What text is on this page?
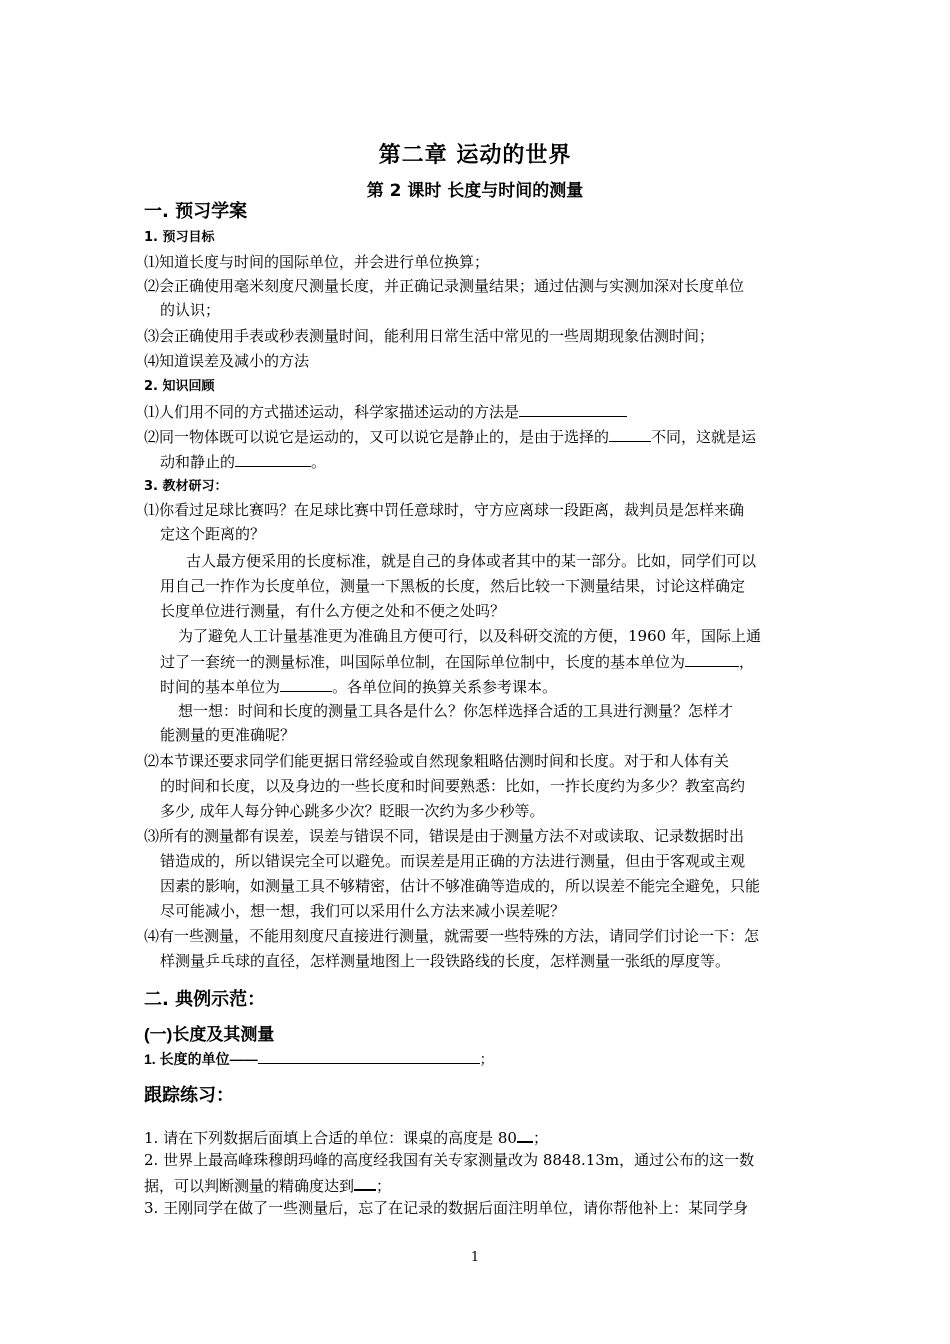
第二章 运动的世界
第 2 课时 长度与时间的测量
一. 预习学案
1. 预习目标
⑴知道长度与时间的国际单位，并会进行单位换算；
⑵会正确使用毫米刻度尺测量长度，并正确记录测量结果；通过估测与实测加深对长度单位
的认识；
⑶会正确使用手表或秒表测量时间，能利用日常生活中常见的一些周期现象估测时间；
⑷知道误差及减小的方法
2. 知识回顾
⑴人们用不同的方式描述运动，科学家描述运动的方法是
⑵同一物体既可以说它是运动的，又可以说它是静止的，是由于选择的	不同，这就是运
动和静止的	。
3. 教材研习：
⑴你看过足球比赛吗？在足球比赛中罚任意球时，守方应离球一段距离，裁判员是怎样来确
定这个距离的？
古人最方便采用的长度标准，就是自己的身体或者其中的某一部分。比如，同学们可以
用自己一拃作为长度单位，测量一下黑板的长度，然后比较一下测量结果，讨论这样确定
长度单位进行测量，有什么方便之处和不便之处吗？
为了避免人工计量基准更为准确且方便可行，以及科研交流的方便，1960 年，国际上通
过了一套统一的测量标准，叫国际单位制，在国际单位制中，长度的基本单位为	，
时间的基本单位为	。各单位间的换算关系参考课本。
想一想：时间和长度的测量工具各是什么？你怎样选择合适的工具进行测量？怎样才
能测量的更准确呢？
⑵本节课还要求同学们能更据日常经验或自然现象粗略估测时间和长度。对于和人体有关
的时间和长度，以及身边的一些长度和时间要熟悉：比如，一拃长度约为多少？教室高约
多少, 成年人每分钟心跳多少次？眨眼一次约为多少秒等。
⑶所有的测量都有误差，误差与错误不同，错误是由于测量方法不对或读取、记录数据时出
错造成的，所以错误完全可以避免。而误差是用正确的方法进行测量，但由于客观或主观
因素的影响，如测量工具不够精密，估计不够准确等造成的，所以误差不能完全避免，只能
尽可能减小，想一想，我们可以采用什么方法来减小误差呢？
⑷有一些测量，不能用刻度尺直接进行测量，就需要一些特殊的方法，请同学们讨论一下：怎
样测量乒乓球的直径，怎样测量地图上一段铁路线的长度，怎样测量一张纸的厚度等。
二. 典例示范：
(一)长度及其测量
1. 长度的单位——	；
跟踪练习：
1. 请在下列数据后面填上合适的单位：课桌的高度是 80 ；
2. 世界上最高峰珠穆朗玛峰的高度经我国有关专家测量改为 8848.13m，通过公布的这一数
据，可以判断测量的精确度达到 ；
3. 王刚同学在做了一些测量后，忘了在记录的数据后面注明单位，请你帮他补上：某同学身
1
